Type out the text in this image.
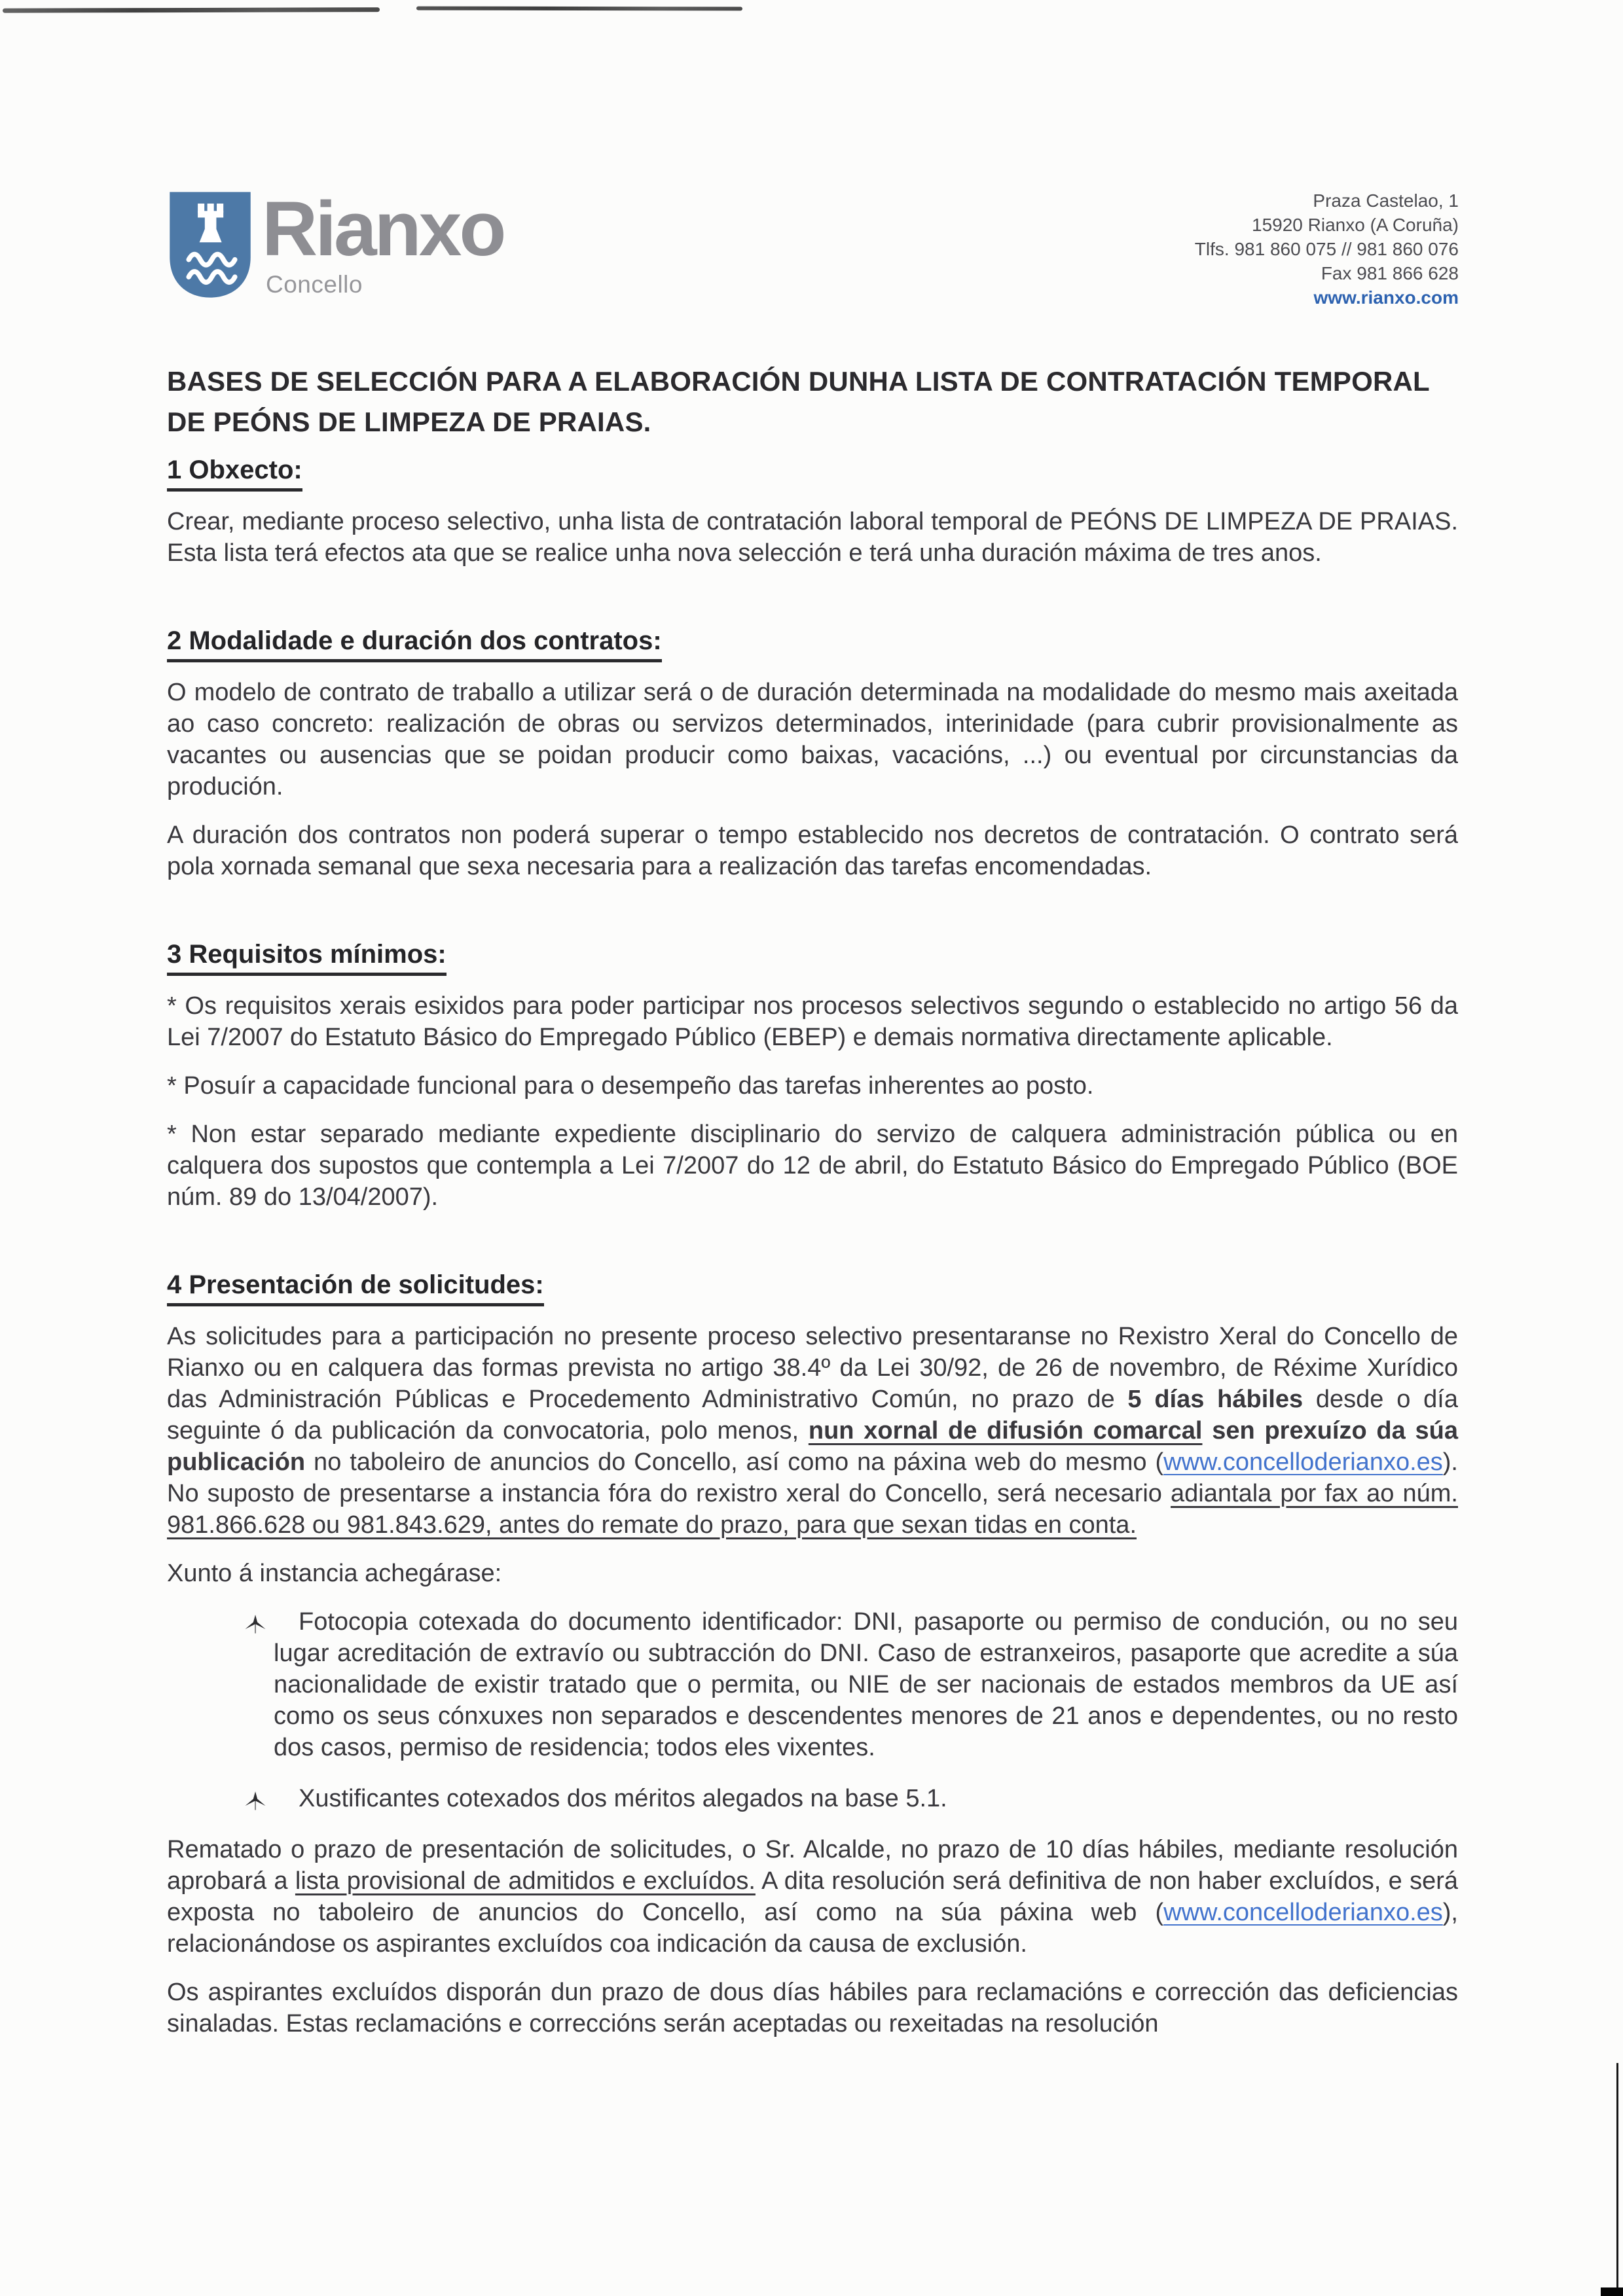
Rianxo
Concello
Praza Castelao, 1
15920 Rianxo (A Coruña)
Tlfs. 981 860 075 // 981 860 076
Fax 981 866 628
www.rianxo.com
BASES DE SELECCIÓN PARA A ELABORACIÓN DUNHA LISTA DE CONTRATACIÓN TEMPORAL DE PEÓNS DE LIMPEZA DE PRAIAS.
1 Obxecto:

Crear, mediante proceso selectivo, unha lista de contratación laboral temporal de PEÓNS DE LIMPEZA DE PRAIAS. Esta lista terá efectos ata que se realice unha nova selección e terá unha duración máxima de tres anos.

2 Modalidade e duración dos contratos:

O modelo de contrato de traballo a utilizar será o de duración determinada na modalidade do mesmo mais axeitada ao caso concreto: realización de obras ou servizos determinados, interinidade (para cubrir provisionalmente as vacantes ou ausencias que se poidan producir como baixas, vacacións, ...) ou eventual por circunstancias da produción.

A duración dos contratos non poderá superar o tempo establecido nos decretos de contratación. O contrato será pola xornada semanal que sexa necesaria para a realización das tarefas encomendadas.

3 Requisitos mínimos:

* Os requisitos xerais esixidos para poder participar nos procesos selectivos segundo o establecido no artigo 56 da Lei 7/2007 do Estatuto Básico do Empregado Público (EBEP) e demais normativa directamente aplicable.

* Posuír a capacidade funcional para o desempeño das tarefas inherentes ao posto.

* Non estar separado mediante expediente disciplinario do servizo de calquera administración pública ou en calquera dos supostos que contempla a Lei 7/2007 do 12 de abril, do Estatuto Básico do Empregado Público (BOE núm. 89 do 13/04/2007).

4 Presentación de solicitudes:

As solicitudes para a participación no presente proceso selectivo presentaranse no Rexistro Xeral do Concello de Rianxo ou en calquera das formas prevista no artigo 38.4º da Lei 30/92, de 26 de novembro, de Réxime Xurídico das Administración Públicas e Procedemento Administrativo Común, no prazo de 5 días hábiles desde o día seguinte ó da publicación da convocatoria, polo menos, nun xornal de difusión comarcal sen prexuízo da súa publicación no taboleiro de anuncios do Concello, así como na páxina web do mesmo (www.concelloderianxo.es). No suposto de presentarse a instancia fóra do rexistro xeral do Concello, será necesario adiantala por fax ao núm. 981.866.628 ou 981.843.629, antes do remate do prazo, para que sexan tidas en conta.

Xunto á instancia achegárase:

Fotocopia cotexada do documento identificador: DNI, pasaporte ou permiso de condución, ou no seu lugar acreditación de extravío ou subtracción do DNI. Caso de estranxeiros, pasaporte que acredite a súa nacionalidade de existir tratado que o permita, ou NIE de ser nacionais de estados membros da UE así como os seus cónxuxes non separados e descendentes menores de 21 anos e dependentes, ou no resto dos casos, permiso de residencia; todos eles vixentes.
Xustificantes cotexados dos méritos alegados na base 5.1.

Rematado o prazo de presentación de solicitudes, o Sr. Alcalde, no prazo de 10 días hábiles, mediante resolución aprobará a lista provisional de admitidos e excluídos. A dita resolución será definitiva de non haber excluídos, e será exposta no taboleiro de anuncios do Concello, así como na súa páxina web (www.concelloderianxo.es), relacionándose os aspirantes excluídos coa indicación da causa de exclusión.

Os aspirantes excluídos disporán dun prazo de dous días hábiles para reclamacións e corrección das deficiencias sinaladas. Estas reclamacións e correccións serán aceptadas ou rexeitadas na resolución
